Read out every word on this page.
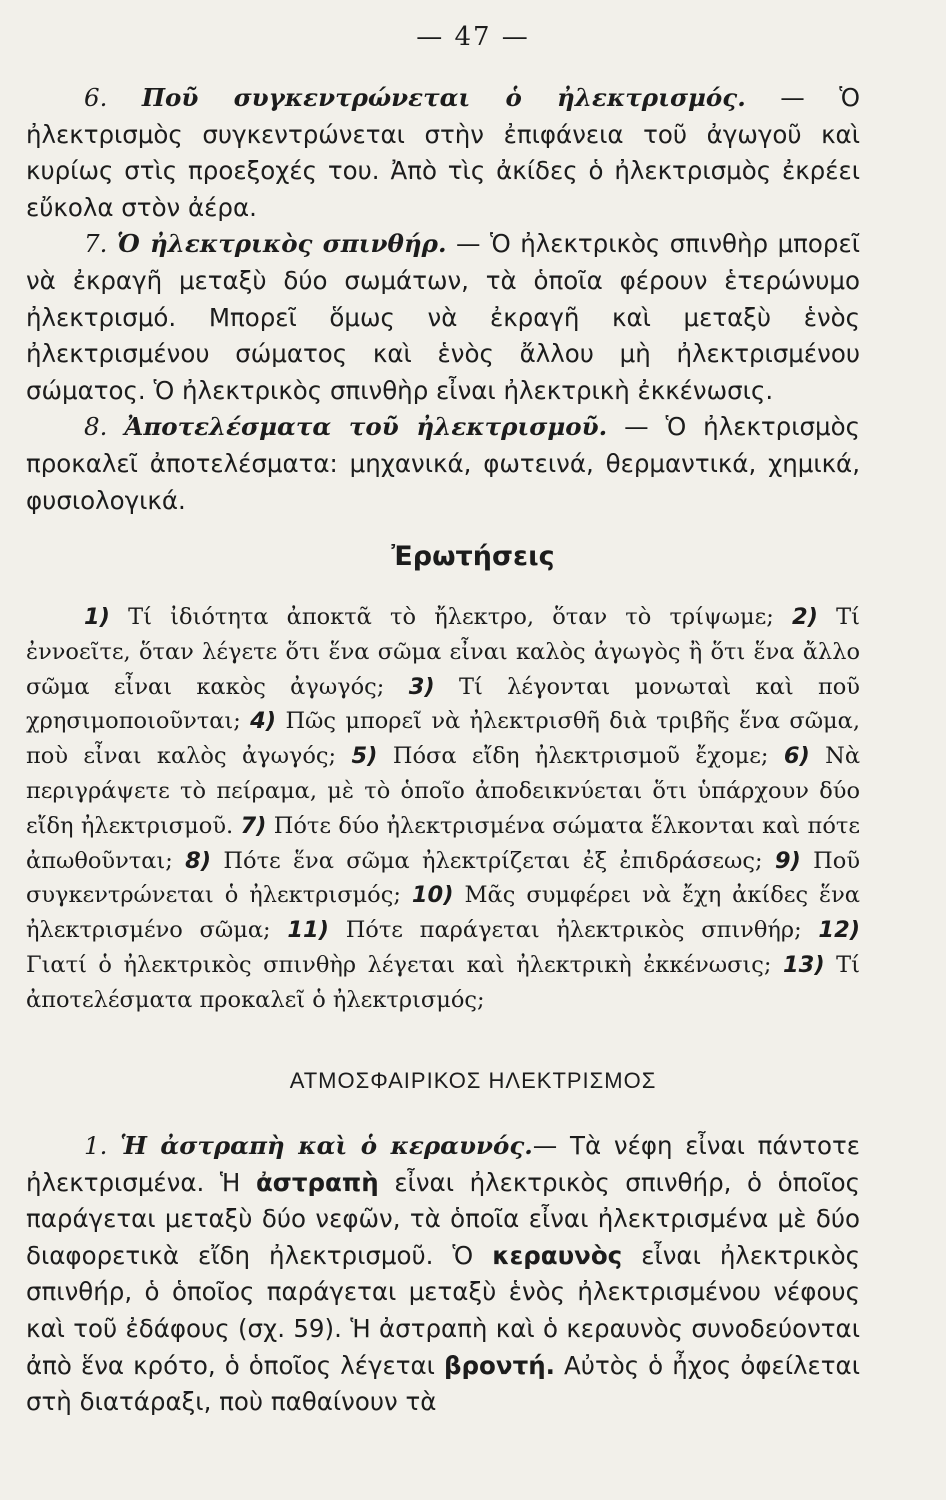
— 47 —

6. Ποῦ συγκεντρώνεται ὁ ἠλεκτρισμός. — Ὁ ἠλεκτρισμὸς συγκεντρώνεται στὴν ἐπιφάνεια τοῦ ἀγωγοῦ καὶ κυρίως στὶς προεξοχές του. Ἀπὸ τὶς ἀκίδες ὁ ἠλεκτρισμὸς ἐκρέει εὔκολα στὸν ἀέρα.

7. Ὁ ἠλεκτρικὸς σπινθήρ. — Ὁ ἠλεκτρικὸς σπινθὴρ μπορεῖ νὰ ἐκραγῆ μεταξὺ δύο σωμάτων, τὰ ὁποῖα φέρουν ἑτερώνυμο ἠλεκτρισμό. Μπορεῖ ὅμως νὰ ἐκραγῆ καὶ μεταξὺ ἑνὸς ἠλεκτρισμένου σώματος καὶ ἑνὸς ἄλλου μὴ ἠλεκτρισμένου σώματος. Ὁ ἠλεκτρικὸς σπινθὴρ εἶναι ἠλεκτρικὴ ἐκκένωσις.

8. Ἀποτελέσματα τοῦ ἠλεκτρισμοῦ. — Ὁ ἠλεκτρισμὸς προκαλεῖ ἀποτελέσματα: μηχανικά, φωτεινά, θερμαντικά, χημικά, φυσιολογικά.

Ἐρωτήσεις

1) Τί ἰδιότητα ἀποκτᾶ τὸ ἤλεκτρο, ὅταν τὸ τρίψωμε; 2) Τί ἐννοεῖτε, ὅταν λέγετε ὅτι ἕνα σῶμα εἶναι καλὸς ἀγωγὸς ἢ ὅτι ἕνα ἄλλο σῶμα εἶναι κακὸς ἀγωγός; 3) Τί λέγονται μονωταὶ καὶ ποῦ χρησιμοποιοῦνται; 4) Πῶς μπορεῖ νὰ ἠλεκτρισθῆ διὰ τριβῆς ἕνα σῶμα, ποὺ εἶναι καλὸς ἀγωγός; 5) Πόσα εἴδη ἠλεκτρισμοῦ ἔχομε; 6) Νὰ περιγράψετε τὸ πείραμα, μὲ τὸ ὁποῖο ἀποδεικνύεται ὅτι ὑπάρχουν δύο εἴδη ἠλεκτρισμοῦ. 7) Πότε δύο ἠλεκτρισμένα σώματα ἕλκονται καὶ πότε ἀπωθοῦνται; 8) Πότε ἕνα σῶμα ἠλεκτρίζεται ἐξ ἐπιδράσεως; 9) Ποῦ συγκεντρώνεται ὁ ἠλεκτρισμός; 10) Μᾶς συμφέρει νὰ ἔχη ἀκίδες ἕνα ἠλεκτρισμένο σῶμα; 11) Πότε παράγεται ἠλεκτρικὸς σπινθήρ; 12) Γιατί ὁ ἠλεκτρικὸς σπινθὴρ λέγεται καὶ ἠλεκτρικὴ ἐκκένωσις; 13) Τί ἀποτελέσματα προκαλεῖ ὁ ἠλεκτρισμός;

ΑΤΜΟΣΦΑΙΡΙΚΟΣ ΗΛΕΚΤΡΙΣΜΟΣ

1. Ἡ ἀστραπὴ καὶ ὁ κεραυνός.— Τὰ νέφη εἶναι πάντοτε ἠλεκτρισμένα. Ἡ ἀστραπὴ εἶναι ἠλεκτρικὸς σπινθήρ, ὁ ὁποῖος παράγεται μεταξὺ δύο νεφῶν, τὰ ὁποῖα εἶναι ἠλεκτρισμένα μὲ δύο διαφορετικὰ εἴδη ἠλεκτρισμοῦ. Ὁ κεραυνὸς εἶναι ἠλεκτρικὸς σπινθήρ, ὁ ὁποῖος παράγεται μεταξὺ ἑνὸς ἠλεκτρισμένου νέφους καὶ τοῦ ἐδάφους (σχ. 59). Ἡ ἀστραπὴ καὶ ὁ κεραυνὸς συνοδεύονται ἀπὸ ἕνα κρότο, ὁ ὁποῖος λέγεται βροντή. Αὐτὸς ὁ ἦχος ὀφείλεται στὴ διατάραξι, ποὺ παθαίνουν τὰ
